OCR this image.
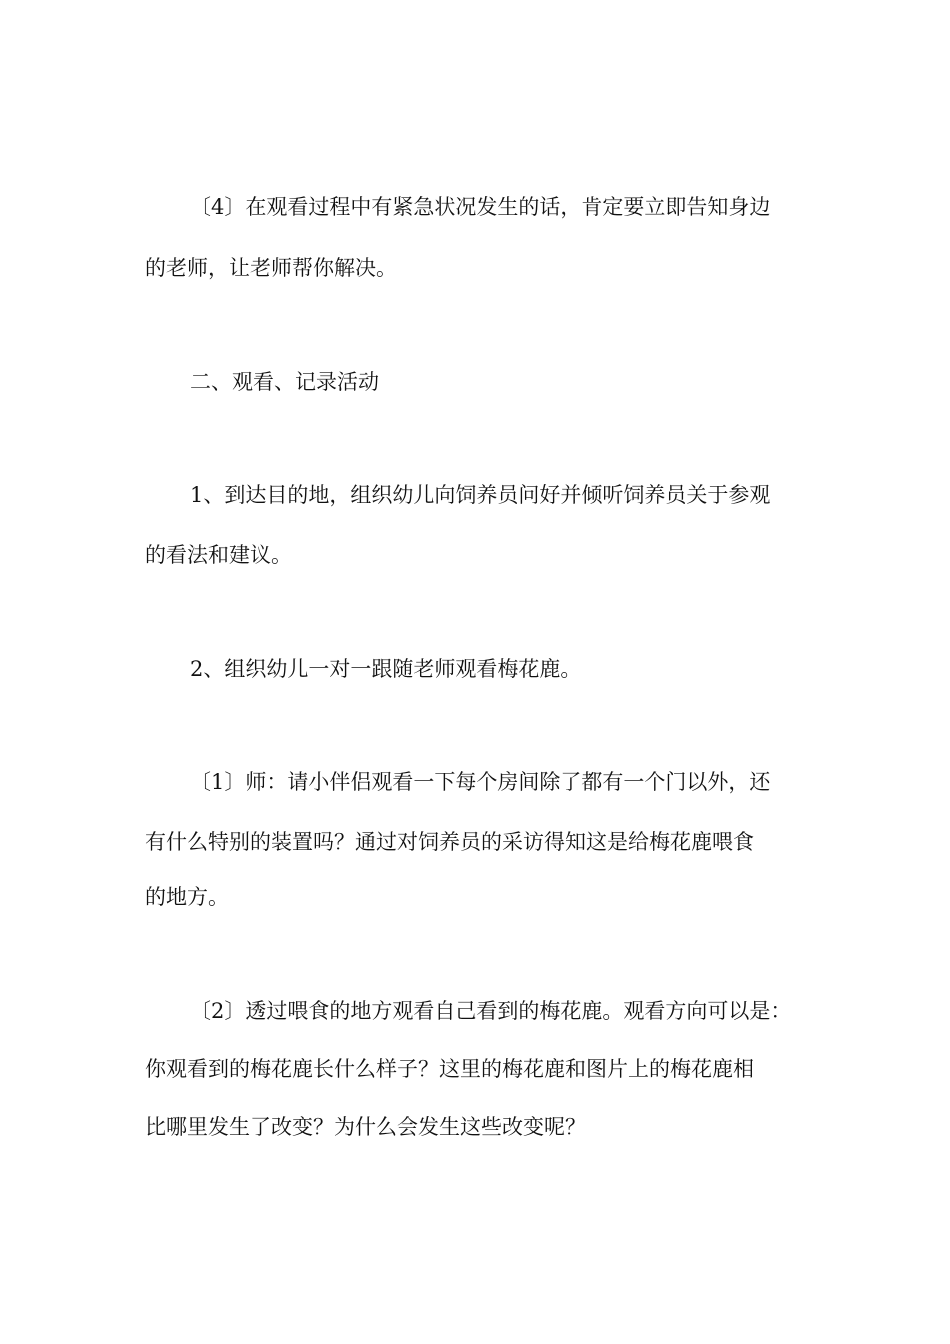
〔4〕在观看过程中有紧急状况发生的话，肯定要立即告知身边
的老师，让老师帮你解决。
二、观看、记录活动
1、到达目的地，组织幼儿向饲养员问好并倾听饲养员关于参观
的看法和建议。
2、组织幼儿一对一跟随老师观看梅花鹿。
〔1〕师：请小伴侣观看一下每个房间除了都有一个门以外，还
有什么特别的装置吗？通过对饲养员的采访得知这是给梅花鹿喂食
的地方。
〔2〕透过喂食的地方观看自己看到的梅花鹿。观看方向可以是：
你观看到的梅花鹿长什么样子？这里的梅花鹿和图片上的梅花鹿相
比哪里发生了改变？为什么会发生这些改变呢？
